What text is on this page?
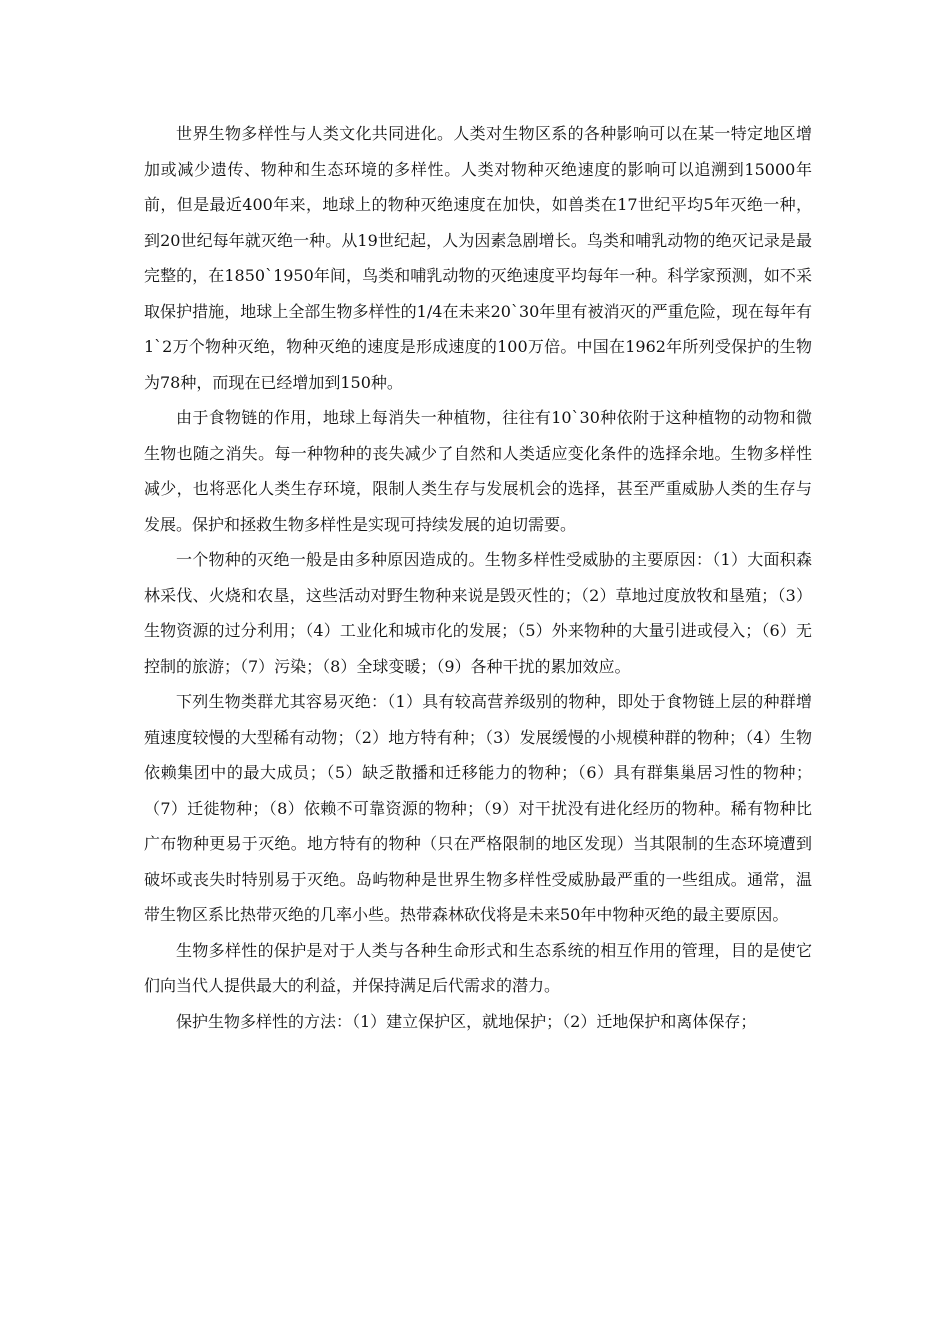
世界生物多样性与人类文化共同进化。人类对生物区系的各种影响可以在某一特定地区增加或减少遗传、物种和生态环境的多样性。人类对物种灭绝速度的影响可以追溯到15000年前，但是最近400年来，地球上的物种灭绝速度在加快，如兽类在17世纪平均5年灭绝一种，到20世纪每年就灭绝一种。从19世纪起，人为因素急剧增长。鸟类和哺乳动物的绝灭记录是最完整的，在1850`1950年间，鸟类和哺乳动物的灭绝速度平均每年一种。科学家预测，如不采取保护措施，地球上全部生物多样性的1/4在未来20`30年里有被消灭的严重危险，现在每年有1`2万个物种灭绝，物种灭绝的速度是形成速度的100万倍。中国在1962年所列受保护的生物为78种，而现在已经增加到150种。

由于食物链的作用，地球上每消失一种植物，往往有10`30种依附于这种植物的动物和微生物也随之消失。每一种物种的丧失减少了自然和人类适应变化条件的选择余地。生物多样性减少，也将恶化人类生存环境，限制人类生存与发展机会的选择，甚至严重威胁人类的生存与发展。保护和拯救生物多样性是实现可持续发展的迫切需要。

一个物种的灭绝一般是由多种原因造成的。生物多样性受威胁的主要原因：（1）大面积森林采伐、火烧和农垦，这些活动对野生物种来说是毁灭性的；（2）草地过度放牧和垦殖；（3）生物资源的过分利用；（4）工业化和城市化的发展；（5）外来物种的大量引进或侵入；（6）无控制的旅游；（7）污染；（8）全球变暖；（9）各种干扰的累加效应。

下列生物类群尤其容易灭绝：（1）具有较高营养级别的物种，即处于食物链上层的种群增殖速度较慢的大型稀有动物；（2）地方特有种；（3）发展缓慢的小规模种群的物种；（4）生物依赖集团中的最大成员；（5）缺乏散播和迁移能力的物种；（6）具有群集巢居习性的物种；（7）迁徙物种；（8）依赖不可靠资源的物种；（9）对干扰没有进化经历的物种。稀有物种比广布物种更易于灭绝。地方特有的物种（只在严格限制的地区发现）当其限制的生态环境遭到破坏或丧失时特别易于灭绝。岛屿物种是世界生物多样性受威胁最严重的一些组成。通常，温带生物区系比热带灭绝的几率小些。热带森林砍伐将是未来50年中物种灭绝的最主要原因。

生物多样性的保护是对于人类与各种生命形式和生态系统的相互作用的管理，目的是使它们向当代人提供最大的利益，并保持满足后代需求的潜力。

保护生物多样性的方法：（1）建立保护区，就地保护；（2）迁地保护和离体保存；
